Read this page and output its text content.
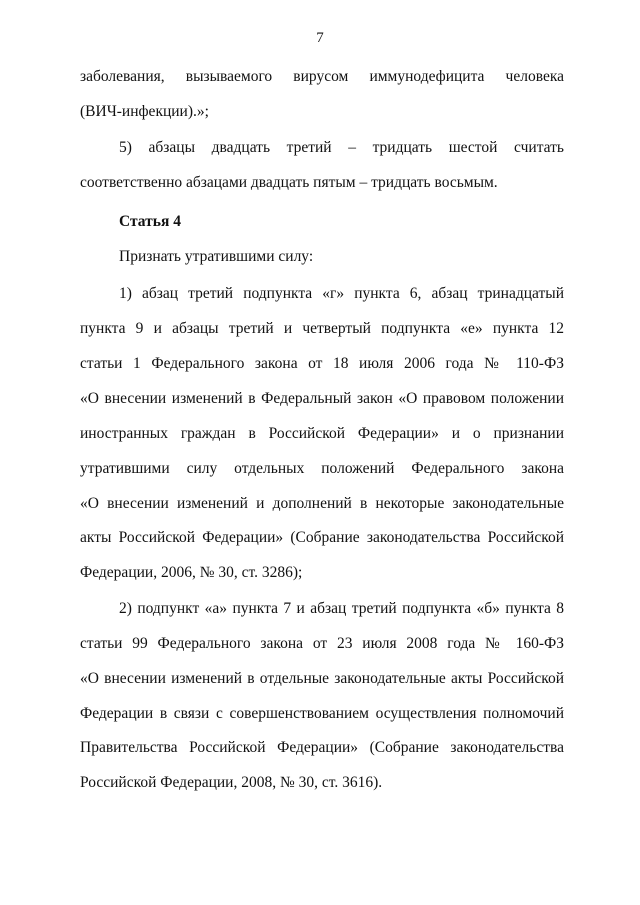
7
заболевания, вызываемого вирусом иммунодефицита человека
(ВИЧ-инфекции).»;
5) абзацы двадцать третий – тридцать шестой считать
соответственно абзацами двадцать пятым – тридцать восьмым.
Статья 4
Признать утратившими силу:
1) абзац третий подпункта «г» пункта 6, абзац тринадцатый
пункта 9 и абзацы третий и четвертый подпункта «е» пункта 12
статьи 1 Федерального закона от 18 июля 2006 года № 110-ФЗ
«О внесении изменений в Федеральный закон «О правовом положении
иностранных граждан в Российской Федерации» и о признании
утратившими силу отдельных положений Федерального закона
«О внесении изменений и дополнений в некоторые законодательные
акты Российской Федерации» (Собрание законодательства Российской
Федерации, 2006, № 30, ст. 3286);
2) подпункт «а» пункта 7 и абзац третий подпункта «б» пункта 8
статьи 99 Федерального закона от 23 июля 2008 года № 160-ФЗ
«О внесении изменений в отдельные законодательные акты Российской
Федерации в связи с совершенствованием осуществления полномочий
Правительства Российской Федерации» (Собрание законодательства
Российской Федерации, 2008, № 30, ст. 3616).
